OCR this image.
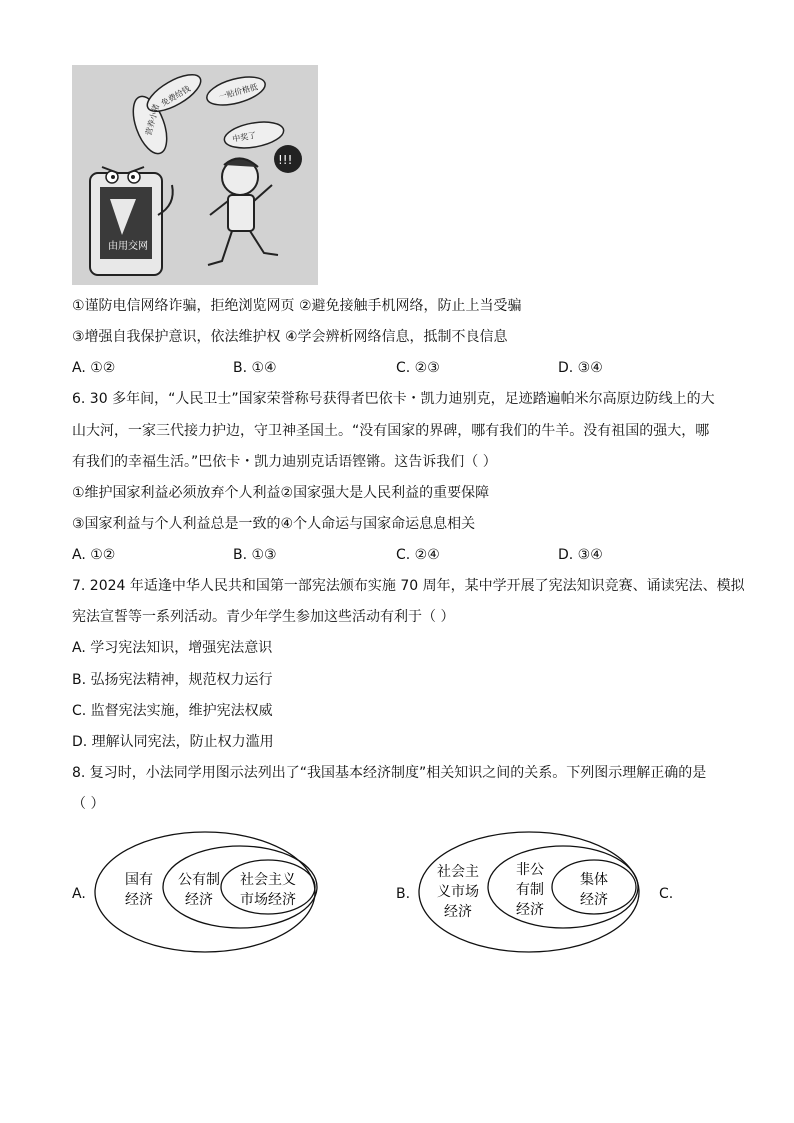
由用交网
营养小猪
免费给钱	一贴价格低
中奖了
!!!
①谨防电信网络诈骗，拒绝浏览网页 ②避免接触手机网络，防止上当受骗
③增强自我保护意识，依法维护权 ④学会辨析网络信息，抵制不良信息
A. ①②	B. ①④	C. ②③	D. ③④
6. 30 多年间，“人民卫士”国家荣誉称号获得者巴依卡・凯力迪别克，足迹踏遍帕米尔高原边防线上的大
山大河，一家三代接力护边，守卫神圣国土。“没有国家的界碑，哪有我们的牛羊。没有祖国的强大，哪
有我们的幸福生活。”巴依卡・凯力迪别克话语铿锵。这告诉我们（ ）
①维护国家利益必须放弃个人利益②国家强大是人民利益的重要保障
③国家利益与个人利益总是一致的④个人命运与国家命运息息相关
A. ①②	B. ①③	C. ②④	D. ③④
7. 2024 年适逢中华人民共和国第一部宪法颁布实施 70 周年，某中学开展了宪法知识竞赛、诵读宪法、模拟
宪法宣誓等一系列活动。青少年学生参加这些活动有利于（ ）
A. 学习宪法知识，增强宪法意识
B. 弘扬宪法精神，规范权力运行
C. 监督宪法实施，维护宪法权威
D. 理解认同宪法，防止权力滥用
8. 复习时，小法同学用图示法列出了“我国基本经济制度”相关知识之间的关系。下列图示理解正确的是
（ ）
A.
国有
经济
公有制
经济
社会主义
市场经济	B.
社会主
义市场
经济
非公
有制
经济
集体
经济	C.
